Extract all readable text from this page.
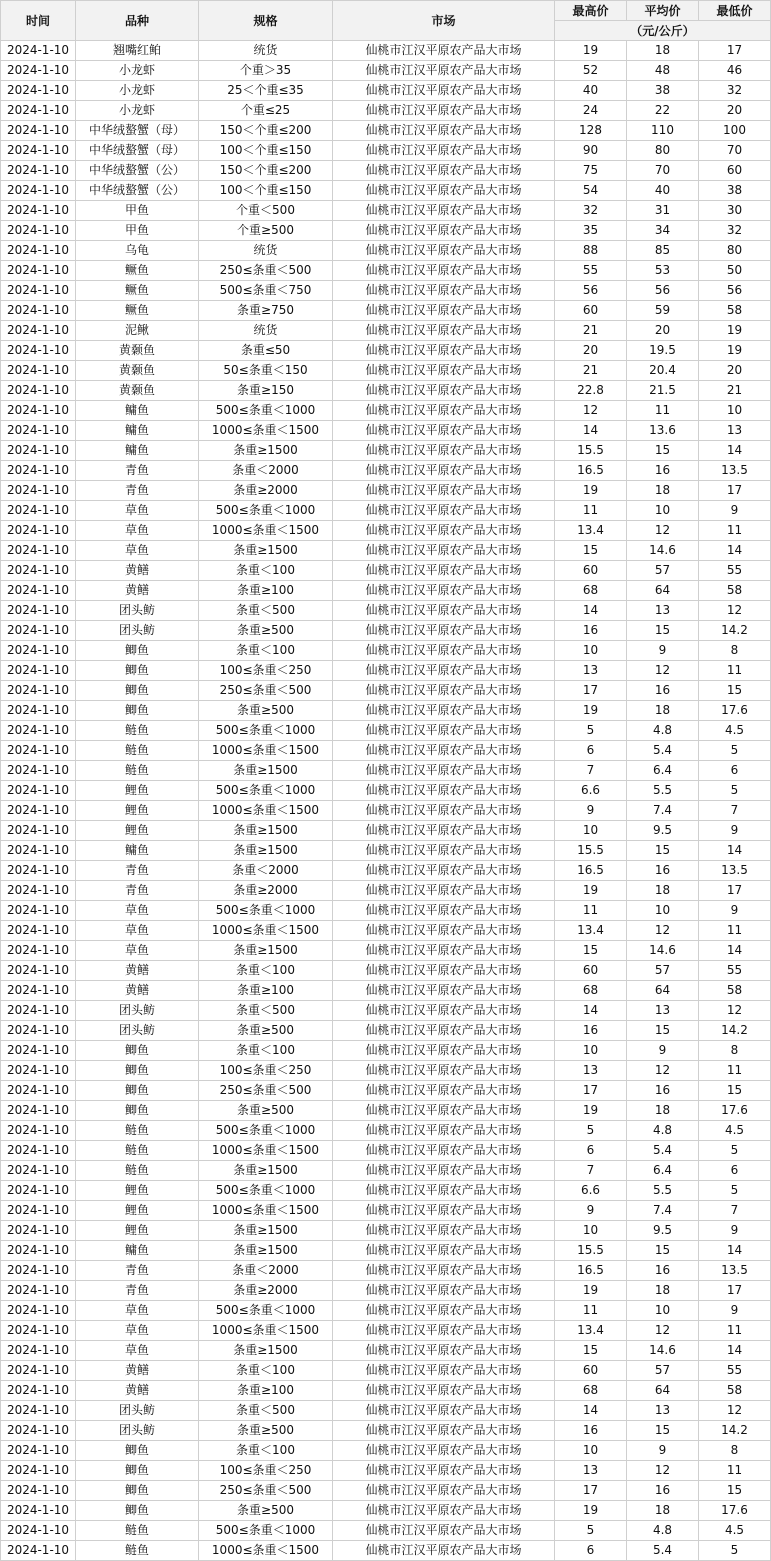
时间	品种	规格	市场	最高价	平均价	最低价
				（元/公斤）		
2024-1-10	翘嘴红鲌	统货	仙桃市江汉平原农产品大市场	19	18	17
2024-1-10	小龙虾	个重＞35	仙桃市江汉平原农产品大市场	52	48	46
2024-1-10	小龙虾	25＜个重≤35	仙桃市江汉平原农产品大市场	40	38	32
2024-1-10	小龙虾	个重≤25	仙桃市江汉平原农产品大市场	24	22	20
2024-1-10	中华绒螯蟹（母）	150＜个重≤200	仙桃市江汉平原农产品大市场	128	110	100
2024-1-10	中华绒螯蟹（母）	100＜个重≤150	仙桃市江汉平原农产品大市场	90	80	70
2024-1-10	中华绒螯蟹（公）	150＜个重≤200	仙桃市江汉平原农产品大市场	75	70	60
2024-1-10	中华绒螯蟹（公）	100＜个重≤150	仙桃市江汉平原农产品大市场	54	40	38
2024-1-10	甲鱼	个重＜500	仙桃市江汉平原农产品大市场	32	31	30
2024-1-10	甲鱼	个重≥500	仙桃市江汉平原农产品大市场	35	34	32
2024-1-10	乌龟	统货	仙桃市江汉平原农产品大市场	88	85	80
2024-1-10	鳜鱼	250≤条重＜500	仙桃市江汉平原农产品大市场	55	53	50
2024-1-10	鳜鱼	500≤条重＜750	仙桃市江汉平原农产品大市场	56	56	56
2024-1-10	鳜鱼	条重≥750	仙桃市江汉平原农产品大市场	60	59	58
2024-1-10	泥鳅	统货	仙桃市江汉平原农产品大市场	21	20	19
2024-1-10	黄颡鱼	条重≤50	仙桃市江汉平原农产品大市场	20	19.5	19
2024-1-10	黄颡鱼	50≤条重＜150	仙桃市江汉平原农产品大市场	21	20.4	20
2024-1-10	黄颡鱼	条重≥150	仙桃市江汉平原农产品大市场	22.8	21.5	21
2024-1-10	鳙鱼	500≤条重＜1000	仙桃市江汉平原农产品大市场	12	11	10
2024-1-10	鳙鱼	1000≤条重＜1500	仙桃市江汉平原农产品大市场	14	13.6	13
2024-1-10	鳙鱼	条重≥1500	仙桃市江汉平原农产品大市场	15.5	15	14
2024-1-10	青鱼	条重＜2000	仙桃市江汉平原农产品大市场	16.5	16	13.5
2024-1-10	青鱼	条重≥2000	仙桃市江汉平原农产品大市场	19	18	17
2024-1-10	草鱼	500≤条重＜1000	仙桃市江汉平原农产品大市场	11	10	9
2024-1-10	草鱼	1000≤条重＜1500	仙桃市江汉平原农产品大市场	13.4	12	11
2024-1-10	草鱼	条重≥1500	仙桃市江汉平原农产品大市场	15	14.6	14
2024-1-10	黄鳝	条重＜100	仙桃市江汉平原农产品大市场	60	57	55
2024-1-10	黄鳝	条重≥100	仙桃市江汉平原农产品大市场	68	64	58
2024-1-10	团头鲂	条重＜500	仙桃市江汉平原农产品大市场	14	13	12
2024-1-10	团头鲂	条重≥500	仙桃市江汉平原农产品大市场	16	15	14.2
2024-1-10	鲫鱼	条重＜100	仙桃市江汉平原农产品大市场	10	9	8
2024-1-10	鲫鱼	100≤条重＜250	仙桃市江汉平原农产品大市场	13	12	11
2024-1-10	鲫鱼	250≤条重＜500	仙桃市江汉平原农产品大市场	17	16	15
2024-1-10	鲫鱼	条重≥500	仙桃市江汉平原农产品大市场	19	18	17.6
2024-1-10	鲢鱼	500≤条重＜1000	仙桃市江汉平原农产品大市场	5	4.8	4.5
2024-1-10	鲢鱼	1000≤条重＜1500	仙桃市江汉平原农产品大市场	6	5.4	5
2024-1-10	鲢鱼	条重≥1500	仙桃市江汉平原农产品大市场	7	6.4	6
2024-1-10	鲤鱼	500≤条重＜1000	仙桃市江汉平原农产品大市场	6.6	5.5	5
2024-1-10	鲤鱼	1000≤条重＜1500	仙桃市江汉平原农产品大市场	9	7.4	7
2024-1-10	鲤鱼	条重≥1500	仙桃市江汉平原农产品大市场	10	9.5	9
2024-1-10	鳙鱼	条重≥1500	仙桃市江汉平原农产品大市场	15.5	15	14
2024-1-10	青鱼	条重＜2000	仙桃市江汉平原农产品大市场	16.5	16	13.5
2024-1-10	青鱼	条重≥2000	仙桃市江汉平原农产品大市场	19	18	17
2024-1-10	草鱼	500≤条重＜1000	仙桃市江汉平原农产品大市场	11	10	9
2024-1-10	草鱼	1000≤条重＜1500	仙桃市江汉平原农产品大市场	13.4	12	11
2024-1-10	草鱼	条重≥1500	仙桃市江汉平原农产品大市场	15	14.6	14
2024-1-10	黄鳝	条重＜100	仙桃市江汉平原农产品大市场	60	57	55
2024-1-10	黄鳝	条重≥100	仙桃市江汉平原农产品大市场	68	64	58
2024-1-10	团头鲂	条重＜500	仙桃市江汉平原农产品大市场	14	13	12
2024-1-10	团头鲂	条重≥500	仙桃市江汉平原农产品大市场	16	15	14.2
2024-1-10	鲫鱼	条重＜100	仙桃市江汉平原农产品大市场	10	9	8
2024-1-10	鲫鱼	100≤条重＜250	仙桃市江汉平原农产品大市场	13	12	11
2024-1-10	鲫鱼	250≤条重＜500	仙桃市江汉平原农产品大市场	17	16	15
2024-1-10	鲫鱼	条重≥500	仙桃市江汉平原农产品大市场	19	18	17.6
2024-1-10	鲢鱼	500≤条重＜1000	仙桃市江汉平原农产品大市场	5	4.8	4.5
2024-1-10	鲢鱼	1000≤条重＜1500	仙桃市江汉平原农产品大市场	6	5.4	5
2024-1-10	鲢鱼	条重≥1500	仙桃市江汉平原农产品大市场	7	6.4	6
2024-1-10	鲤鱼	500≤条重＜1000	仙桃市江汉平原农产品大市场	6.6	5.5	5
2024-1-10	鲤鱼	1000≤条重＜1500	仙桃市江汉平原农产品大市场	9	7.4	7
2024-1-10	鲤鱼	条重≥1500	仙桃市江汉平原农产品大市场	10	9.5	9
2024-1-10	鳙鱼	条重≥1500	仙桃市江汉平原农产品大市场	15.5	15	14
2024-1-10	青鱼	条重＜2000	仙桃市江汉平原农产品大市场	16.5	16	13.5
2024-1-10	青鱼	条重≥2000	仙桃市江汉平原农产品大市场	19	18	17
2024-1-10	草鱼	500≤条重＜1000	仙桃市江汉平原农产品大市场	11	10	9
2024-1-10	草鱼	1000≤条重＜1500	仙桃市江汉平原农产品大市场	13.4	12	11
2024-1-10	草鱼	条重≥1500	仙桃市江汉平原农产品大市场	15	14.6	14
2024-1-10	黄鳝	条重＜100	仙桃市江汉平原农产品大市场	60	57	55
2024-1-10	黄鳝	条重≥100	仙桃市江汉平原农产品大市场	68	64	58
2024-1-10	团头鲂	条重＜500	仙桃市江汉平原农产品大市场	14	13	12
2024-1-10	团头鲂	条重≥500	仙桃市江汉平原农产品大市场	16	15	14.2
2024-1-10	鲫鱼	条重＜100	仙桃市江汉平原农产品大市场	10	9	8
2024-1-10	鲫鱼	100≤条重＜250	仙桃市江汉平原农产品大市场	13	12	11
2024-1-10	鲫鱼	250≤条重＜500	仙桃市江汉平原农产品大市场	17	16	15
2024-1-10	鲫鱼	条重≥500	仙桃市江汉平原农产品大市场	19	18	17.6
2024-1-10	鲢鱼	500≤条重＜1000	仙桃市江汉平原农产品大市场	5	4.8	4.5
2024-1-10	鲢鱼	1000≤条重＜1500	仙桃市江汉平原农产品大市场	6	5.4	5
